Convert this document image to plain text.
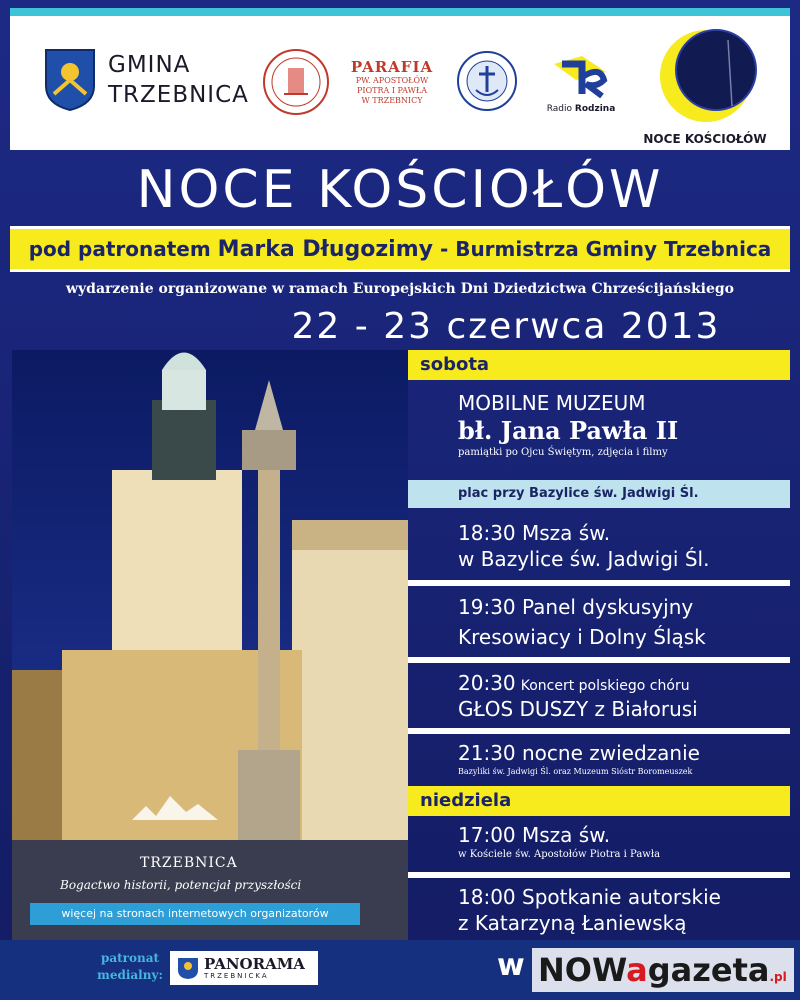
GMINA
TRZEBNICA
PARAFIA
PW. APOSTOŁÓW
PIOTRA I PAWŁA
W TRZEBNICY
Radio Rodzina
NOCE KOŚCIOŁÓW
NOCE KOŚCIOŁÓW
pod patronatem Marka Długozimy - Burmistrza Gminy Trzebnica
wydarzenie organizowane w ramach Europejskich Dni Dziedzictwa Chrześcijańskiego
22 - 23 czerwca 2013
TRZEBNICA
Bogactwo historii, potencjał przyszłości
więcej na stronach internetowych organizatorów
sobota
MOBILNE MUZEUM
bł. Jana Pawła II
pamiątki po Ojcu Świętym, zdjęcia i filmy
plac przy Bazylice św. Jadwigi Śl.
18:30 Msza św.
w Bazylice św. Jadwigi Śl.
19:30 Panel dyskusyjny
Kresowiacy i Dolny Śląsk
20:30 Koncert polskiego chóru
GŁOS DUSZY z Białorusi
21:30 nocne zwiedzanie
Bazyliki św. Jadwigi Śl. oraz Muzeum Sióstr Boromeuszek
niedziela
17:00 Msza św.
w Kościele św. Apostołów Piotra i Pawła
18:00 Spotkanie autorskie
z Katarzyną Łaniewską
patronat
medialny:
PANORAMA
TRZEBNICKA	w NOWagazeta.pl
